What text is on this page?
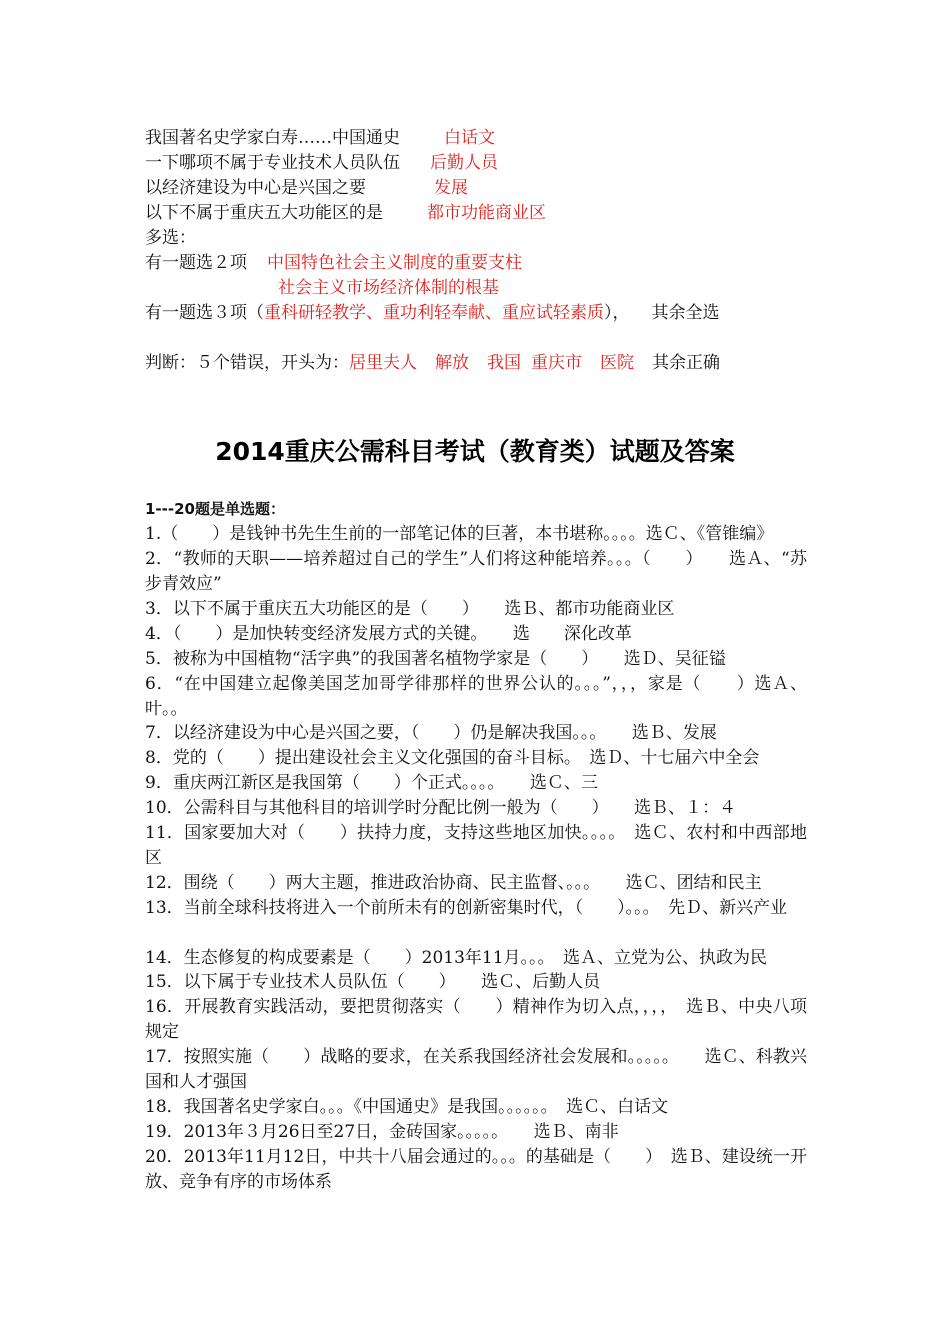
我国著名史学家白寿……中国通史	白话文
一下哪项不属于专业技术人员队伍 后勤人员
以经济建设为中心是兴国之要	发展
以下不属于重庆五大功能区的是	都市功能商业区
多选：
有一题选２项 中国特色社会主义制度的重要支柱
社会主义市场经济体制的根基
有一题选３项（重科研轻教学、重功利轻奉献、重应试轻素质）， 其余全选
判断：５个错误，开头为：居里夫人 解放 我国 重庆市 医院 其余正确
2014重庆公需科目考试（教育类）试题及答案
1---20题是单选题：
1.（　　）是钱钟书先生生前的一部笔记体的巨著，本书堪称。。。。选Ｃ、《管锥编》
2．“教师的天职——培养超过自己的学生”人们将这种能培养。。。（　　）　　选Ａ、“苏步青效应”
3．以下不属于重庆五大功能区的是（　　）　　选Ｂ、都市功能商业区
4．（　　）是加快转变经济发展方式的关键。　　选　　深化改革
5．被称为中国植物“活字典”的我国著名植物学家是（　　）　　选Ｄ、吴征镒
6．“在中国建立起像美国芝加哥学徘那样的世界公认的。。。”，，，家是（　　）选Ａ、叶。。
7．以经济建设为中心是兴国之要，（　　）仍是解决我国。。。　　选Ｂ、发展
8．党的（　　）提出建设社会主义文化强国的奋斗目标。　选Ｄ、十七届六中全会
9．重庆两江新区是我国第（　　）个正式。。。。　　选Ｃ、三
10．公需科目与其他科目的培训学时分配比例一般为（　　）　　选Ｂ、１：４
11．国家要加大对（　　）扶持力度，支持这些地区加快。。。。　选Ｃ、农村和中西部地区
12．围绕（　　）两大主题，推进政治协商、民主监督、。。。　　选Ｃ、团结和民主
13．当前全球科技将进入一个前所未有的创新密集时代，（　　）。。。　先Ｄ、新兴产业
14．生态修复的构成要素是（　　）2013年11月。。。　选Ａ、立党为公、执政为民
15．以下属于专业技术人员队伍（　　）　　选Ｃ、后勤人员
16．开展教育实践活动，要把贯彻落实（　　）精神作为切入点，，，，　选Ｂ、中央八项规定
17．按照实施（　　）战略的要求，在关系我国经济社会发展和。。。。。　　选Ｃ、科教兴国和人才强国
18．我国著名史学家白。。。《中国通史》是我国。。。。。。　选Ｃ、白话文
19．2013年３月26日至27日，金砖国家。。。。。　　选Ｂ、南非
20．2013年11月12日，中共十八届会通过的。。。的基础是（　　）　选Ｂ、建设统一开放、竞争有序的市场体系
